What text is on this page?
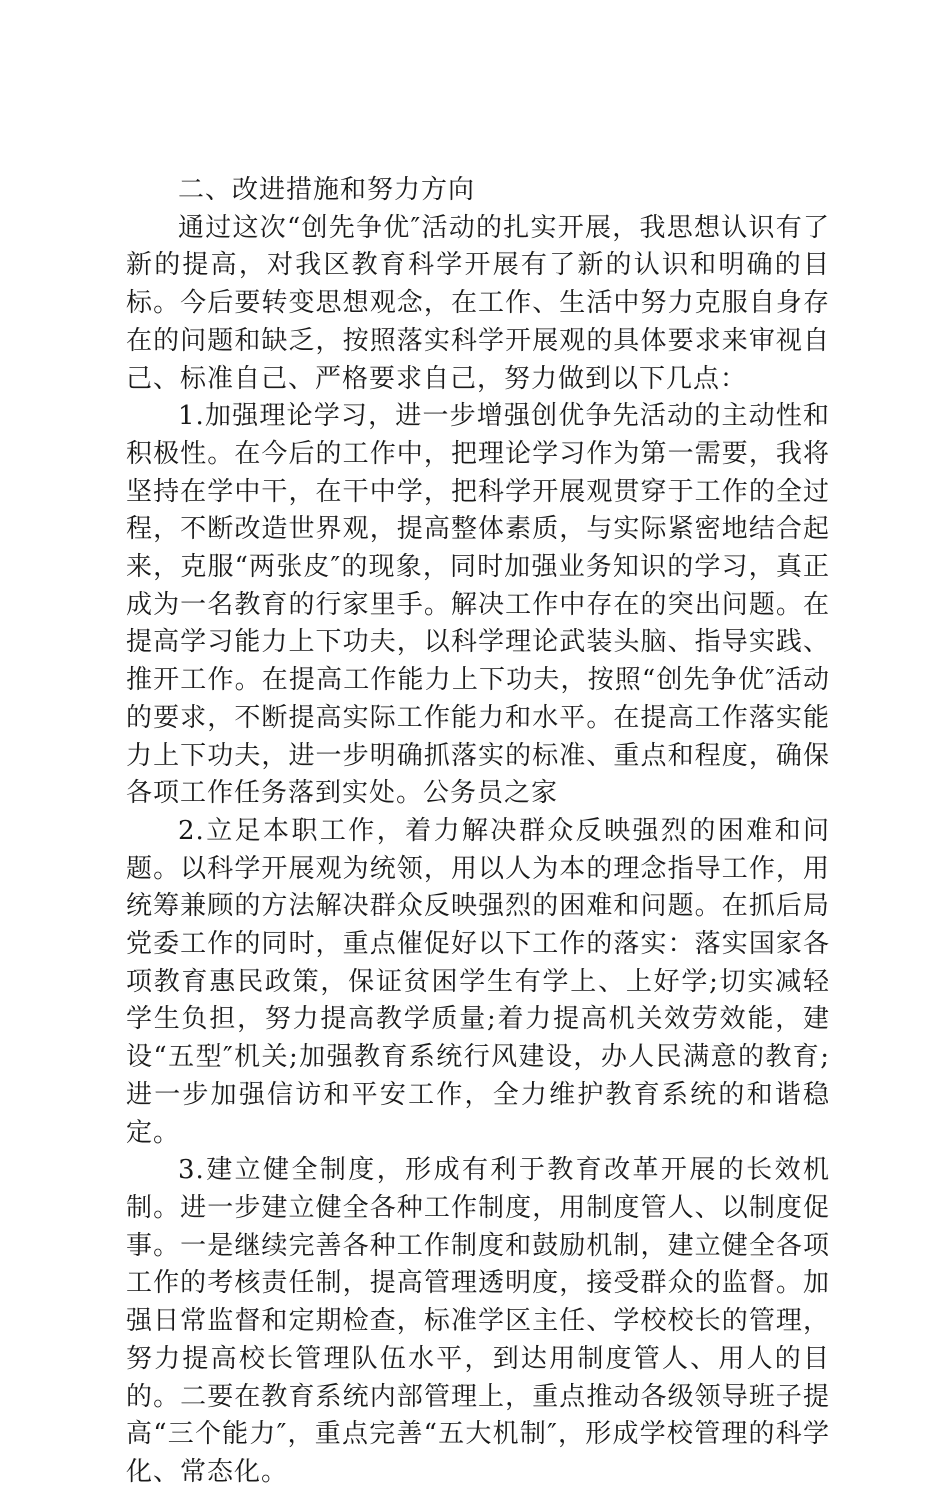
二、改进措施和努力方向

通过这次“创先争优″活动的扎实开展，我思想认识有了新的提高，对我区教育科学开展有了新的认识和明确的目标。今后要转变思想观念，在工作、生活中努力克服自身存在的问题和缺乏，按照落实科学开展观的具体要求来审视自己、标准自己、严格要求自己，努力做到以下几点：

1.加强理论学习，进一步增强创优争先活动的主动性和积极性。在今后的工作中，把理论学习作为第一需要，我将坚持在学中干，在干中学，把科学开展观贯穿于工作的全过程，不断改造世界观，提高整体素质，与实际紧密地结合起来，克服“两张皮″的现象，同时加强业务知识的学习，真正成为一名教育的行家里手。解决工作中存在的突出问题。在提高学习能力上下功夫，以科学理论武装头脑、指导实践、推开工作。在提高工作能力上下功夫，按照“创先争优″活动的要求，不断提高实际工作能力和水平。在提高工作落实能力上下功夫，进一步明确抓落实的标准、重点和程度，确保各项工作任务落到实处。公务员之家

2.立足本职工作，着力解决群众反映强烈的困难和问题。以科学开展观为统领，用以人为本的理念指导工作，用统筹兼顾的方法解决群众反映强烈的困难和问题。在抓后局党委工作的同时，重点催促好以下工作的落实：落实国家各项教育惠民政策，保证贫困学生有学上、上好学;切实减轻学生负担，努力提高教学质量;着力提高机关效劳效能，建设“五型″机关;加强教育系统行风建设，办人民满意的教育;进一步加强信访和平安工作，全力维护教育系统的和谐稳定。

3.建立健全制度，形成有利于教育改革开展的长效机制。进一步建立健全各种工作制度，用制度管人、以制度促事。一是继续完善各种工作制度和鼓励机制，建立健全各项工作的考核责任制，提高管理透明度，接受群众的监督。加强日常监督和定期检查，标准学区主任、学校校长的管理，努力提高校长管理队伍水平，到达用制度管人、用人的目的。二要在教育系统内部管理上，重点推动各级领导班子提高“三个能力″，重点完善“五大机制″，形成学校管理的科学化、常态化。
